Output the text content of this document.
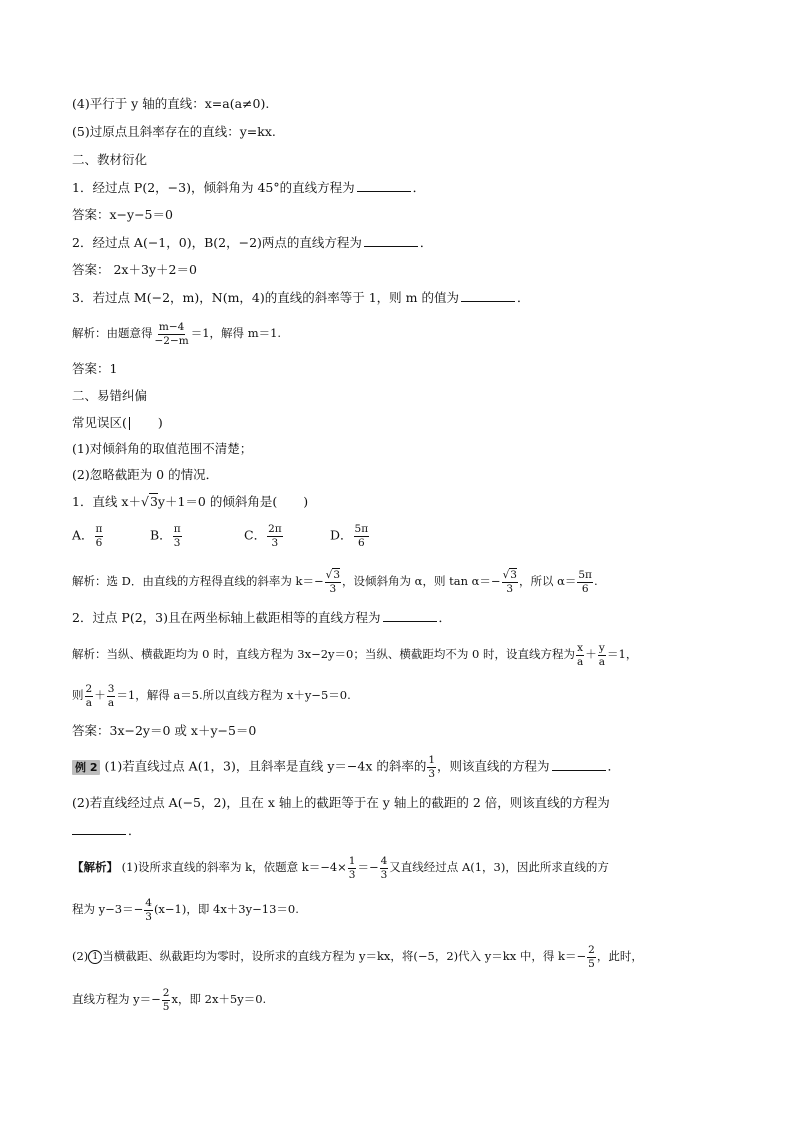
(4)平行于 y 轴的直线：x=a(a≠0).
(5)过原点且斜率存在的直线：y=kx.
二、教材衍化
1．经过点 P(2，−3)，倾斜角为 45°的直线方程为	．
答案：x−y−5＝0
2．经过点 A(−1，0)，B(2，−2)两点的直线方程为	．
答案： 2x＋3y＋2＝0
3．若过点 M(−2，m)，N(m，4)的直线的斜率等于 1，则 m 的值为	．
解析：由题意得 $\frac{m-4}{-2-m} =1$，解得 m＝1.
答案：1
二、易错纠偏
常见误区( )
(1)对倾斜角的取值范围不清楚；
(2)忽略截距为 0 的情况．
1．直线 x＋√3y＋1＝0 的倾斜角是( )
A． $\frac{\pi}{6}$	B． $\frac{\pi}{3}$	C． $\frac{2\pi}{3}$	D． $\frac{5\pi}{6}$
解析：选 D．由直线的方程得直线的斜率为 $k=- \frac{√3}{3}$ ，设倾斜角为 α，则 $\tan \alpha=- \frac{√3}{3}$ ，所以 $\alpha= \frac{5\pi}{6}$ .
2．过点 P(2，3)且在两坐标轴上截距相等的直线方程为	．
解析：当纵、横截距均为 0 时，直线方程为 3x−2y＝0；当纵、横截距均不为 0 时，设直线方程为 $\frac{x}{a} + \frac{y}{a} =1$，
则 $\frac{2}{a} + \frac{3}{a} =1$，解得 a＝5.所以直线方程为 x＋y−5＝0.
答案：3x−2y＝0 或 x＋y−5＝0
例 2 (1)若直线过点 A(1，3)，且斜率是直线 y＝−4x 的斜率的 $\frac{1}{3}$ ，则该直线的方程为	．
(2)若直线经过点 A(−5，2)，且在 x 轴上的截距等于在 y 轴上的截距的 2 倍，则该直线的方程为
．
【解析】 (1)设所求直线的斜率为 k，依题意 $k=-4\times \frac{1}{3} =- \frac{4}{3}$ 又直线经过点 A(1，3)，因此所求直线的方
程为 $y-3=- \frac{4}{3} (x-1)$，即 4x＋3y−13＝0.
(2) 1 当横截距、纵截距均为零时，设所求的直线方程为 y＝kx，将(−5，2)代入 y＝kx 中，得 $k=- \frac{2}{5}$ ，此时，
直线方程为 $y=- \frac{2}{5}$ x，即 2x＋5y＝0.
